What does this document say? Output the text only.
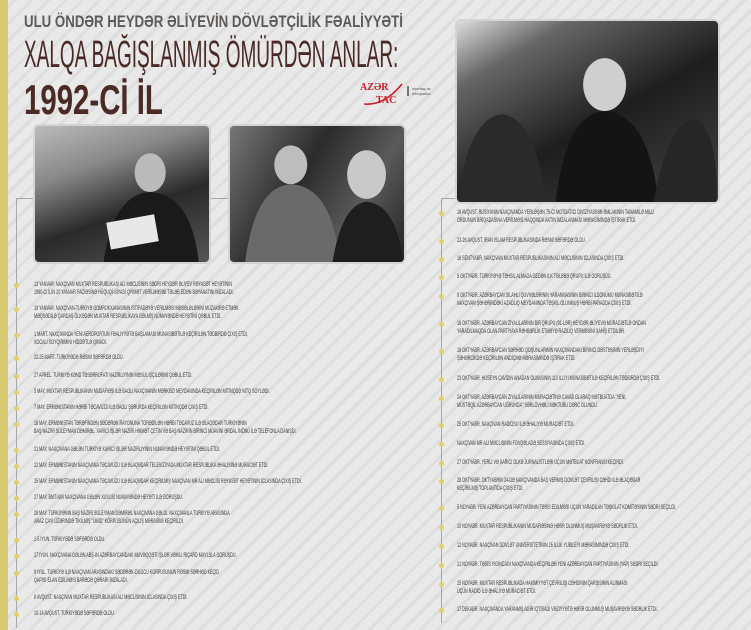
ULU ÖNDƏR HEYDƏR ƏLİYEVİN DÖVLƏTÇİLİK FƏALİYYƏTİ
XALQA BAĞIŞLANMIŞ ÖMÜRDƏN ANLAR:
1992-Cİ İL	AZƏR
TAC
azertag.az
infoqrafika
13 YANVAR. NAXÇIVAN MUXTAR RESPUBLİKASI ALİ MƏCLİSİNİN SƏDRİ HEYDƏR ƏLİYEV RƏYASƏT HEYƏTİNİN
1990-CI İLİN 20 YANVAR FACİƏSİNƏ HÜQUQİ-SİYASİ QİYMƏT VERİLMƏSİNİ TƏLƏB EDƏN BƏYANATINI İMZALADI.
19 YANVAR. NAXÇIVAN-TÜRKİYƏ GÖMRÜKXANASININ İSTİFADƏYƏ VERİLMƏSİ MƏSƏLƏLƏRİNİ MÜZAKİRƏ ETMƏK
MƏQSƏDİLƏ QARDAŞ ÖLKƏDƏN MUXTAR RESPUBLİKAYA GƏLMİŞ NÜMAYƏNDƏ HEYƏTİNİ QƏBUL ETDİ.
1 MART. NAXÇIVANDA YENİ AEROPORTUN FƏALİYYƏTƏ BAŞLAMASI MÜNASİBƏTİLƏ KEÇİRİLƏN TƏDBİRDƏ ÇIXIŞ ETDİ,
XOCALI SOYQIRIMINI HİDDƏTLƏ QINADI.
22-25 MART. TÜRKİYƏDƏ RƏSMİ SƏFƏRDƏ OLDU.
27 APREL. TÜRKİYƏ KƏND TƏSƏRRÜFATI NAZİRLİYİNİN MƏSUL İŞÇİLƏRİNİ QƏBUL ETDİ.
5 MAY. MUXTAR RESPUBLİKANIN MÜDAFİƏSİ İLƏ BAĞLI NAXÇIVANIN MƏRKƏZİ MEYDANINDA KEÇİRİLƏN MİTİNQDƏ NİTQ SÖYLƏDİ.
7 MAY. ERMƏNİSTANIN HƏRBİ TƏCAVÜZÜ İLƏ BAĞLI ŞƏRURDA KEÇİRİLƏN MİTİNQDƏ ÇIXIŞ ETDİ.
18 MAY. ERMƏNİSTAN TƏRƏFİNDƏN SƏDƏRƏK RAYONUNA TÖRƏDİLƏN HƏRBİ TƏCAVÜZ İLƏ ƏLAQƏDAR TÜRKİYƏNİN
BAŞ NAZİRİ SÜLEYMAN DƏMİRƏL, XARİCİ İŞLƏR NAZİRİ HİKMƏT ÇETİN VƏ BAŞ NAZİRİN BİRİNCİ MÜAVİNİ ƏRDAL İNÖNÜ İLƏ TELEFONLA DANIŞDI.
21 MAY. NAXÇIVANA GƏLƏN TÜRKİYƏ XARİCİ İŞLƏR NAZİRLİYİNİN NÜMAYƏNDƏ HEYƏTİNİ QƏBUL ETDİ.
22 MAY. ERMƏNİSTANIN NAXÇIVANA TƏCAVÜZÜ İLƏ ƏLAQƏDAR TELEVİZİYADA MUXTAR RESPUBLİKA ƏHALİSİNƏ MÜRACİƏT ETDİ.
25 MAY. ERMƏNİSTANIN NAXÇIVANA TƏCAVÜZÜ İLƏ ƏLAQƏDAR KEÇİRİLMİŞ NAXÇIVAN MR ALİ MƏCLİSİ RƏYASƏT HEYƏTİNİN İCLASINDA ÇIXIŞ ETDİ.
27 MAY. BMT-NİN NAXÇIVANA GƏLƏN XÜSUSİ NÜMAYƏNDƏ HEYƏTİ İLƏ GÖRÜŞDÜ.
28 MAY. TÜRKİYƏNİN BAŞ NAZİRİ SÜLEYMAN DƏMİRƏL NAXÇIVANA GƏLDİ. NAXÇIVANLA TÜRKİYƏ ARASINDA
ARAZ ÇAYI ÜZƏRİNDƏ TİKİLMİŞ "ÜMİD" KÖRPÜSÜNÜN AÇILIŞ MƏRASİMİ KEÇİRİLDİ.
1-5 İYUN. TÜRKİYƏDƏ SƏFƏRDƏ OLDU.
17 İYUN. NAXÇIVANA GƏLƏN ABŞ-IN AZƏRBAYCANDAKI MÜVƏQQƏTİ İŞLƏR VƏKİLİ RİÇARD MAYLSLA GÖRÜŞDÜ.
9 İYUL. TÜRKİYƏ İLƏ NAXÇIVAN ARASINDAKI SƏDƏRƏK-DİLUCU KÖRPÜSÜNÜN RƏSMİ SƏRHƏD KEÇİD
QAPISI ELAN EDİLMƏSİ BARƏDƏ QƏRARI İMZALADI.
8 AVQUST. NAXÇIVAN MUXTAR RESPUBLİKASI ALİ MƏCLİSİNİN İCLASINDA ÇIXIŞ ETDİ.
10-14 AVQUST. TÜRKİYƏDƏ SƏFƏRDƏ OLDU.
18 AVQUST. RUSİYANIN NAXÇIVANDA YERLƏŞƏN 75-Cİ MOTOATICI DİVİZİYASININ ƏMLAKININ TAMAMİLƏ MİLLİ
ORDUNUN BRİQADASINA VERİLMƏSİ HAQQINDA AKTIN İMZALANMASI MƏRASİMİNDƏ İŞTİRAK ETDİ.
22-26 AVQUST. İRAN İSLAM RESPUBLİKASINDA RƏSMİ SƏFƏRDƏ OLDU.
16 SENTYABR. NAXÇIVAN MUXTAR RESPUBLİKASININ ALİ MƏCLİSİNİN İCLASINDA ÇIXIŞ ETDİ.
5 OKTYABR. TÜRKİYƏYƏ TƏHSİL ALMAĞA GEDƏN İLK TƏLƏBƏ QRUPU İLƏ GÖRÜŞDÜ.
9 OKTYABR. AZƏRBAYCAN SİLAHLI QÜVVƏLƏRİNİN YARANMASININ BİRİNCİ İLDÖNÜMÜ MÜNASİBƏTİLƏ
NAXÇIVAN ŞƏHƏRİNDƏKİ AZADLIQ MEYDANINDA TƏŞKİL OLUNMUŞ HƏRBİ PARADDA ÇIXIŞ ETDİ.
16 OKTYABR. AZƏRBAYCAN ZİYALILARININ BİR QRUPU (91-LƏR) HEYDƏR ƏLİYEVƏ MÜRACİƏTLƏ ONDAN
YARADILMAQDA OLAN PARTİYAYA RƏHBƏRLİK ETMƏYƏ RAZILIQ VERMƏSİNİ XAHİŞ ETDİLƏR.
18 OKTYABR. AZƏRBAYCAN SƏRHƏD QOŞUNLARININ NAXÇIVANDAKI BİRİNCİ DƏSTƏSİNİN YERLƏŞDİYİ
ŞƏHƏRCİKDƏ KEÇİRİLƏN ANDİÇMƏ MƏRASİMİNDƏ İŞTİRAK ETDİ.
23 OKTYABR. HÜSEYN CAVİDİN ANADAN OLMASININ 110 İLLİYİ MÜNASİBƏTİLƏ KEÇİRİLƏN TƏDBİRDƏ ÇIXIŞ ETDİ.
24 OKTYABR. AZƏRBAYCAN ZİYALILARININ MÜRACİƏTİNƏ CAVAB OLARAQ MƏTBUATDA "YENİ,
MÜSTƏQİL AZƏRBAYCAN UĞRUNDA" SƏRLÖVHƏLİ MƏKTUBU DƏRC OLUNDU.
25 OKTYABR. NAXÇIVAN RADİOSU İLƏ ƏHALİYƏ MÜRACİƏT ETDİ.
NAXÇIVAN MR ALİ MƏCLİSİNİN FÖVQƏLADƏ SESSİYASINDA ÇIXIŞ ETDİ.
27 OKTYABR. YERLİ VƏ XARİCİ ÖLKƏ JURNALİSTLƏRİ ÜÇÜN MƏTBUAT KONFRANSI KEÇİRDİ.
28 OKTYABR. OKTYABRIN 24-DƏ NAXÇIVANDA BAŞ VERMİŞ DÖVLƏT ÇEVRİLİŞİ CƏHDİ İLƏ ƏLAQƏDAR
KEÇİRİLMİŞ TOPLANTIDA ÇIXIŞ ETDİ.
5 NOYABR. YENİ AZƏRBAYCAN PARTİYASININ TƏSİS EDİLMƏSİ ÜÇÜN YARADILAN TƏŞKİLAT KOMİTƏSİNİN SƏDRİ SEÇİLDİ.
10 NOYABR. MUXTAR RESPUBLİKANIN MÜDAFİƏSİNƏ HƏSR OLUNMUŞ MÜŞAVİRƏYƏ SƏDRLİK ETDİ.
12 NOYABR. NAXÇIVAN DÖVLƏT UNİVERSİTETİNİN 25 İLLİK YUBİLEYİ MƏRASİMİNDƏ ÇIXIŞ ETDİ.
21 NOYABR. TƏSİS YIĞINCAĞI NAXÇIVANDA KEÇİRİLƏN YENİ AZƏRBAYCAN PARTİYASININ (YAP) SƏDRİ SEÇİLDİ.
25 NOYABR. MUXTAR RESPUBLİKADA HAKİMİYYƏT ÇEVRİLİŞİ CƏHDİNİN QARŞISININ ALINMASI
ÜÇÜN RADİO İLƏ ƏHALİYƏ MÜRACİƏT ETDİ.
17 DEKABR. NAXÇIVANDA YARANMIŞ AĞIR İQTİSADİ VƏZİYYƏTƏ HƏSR OLUNMUŞ MÜŞAVİRƏYƏ SƏDRLİK ETDİ.
